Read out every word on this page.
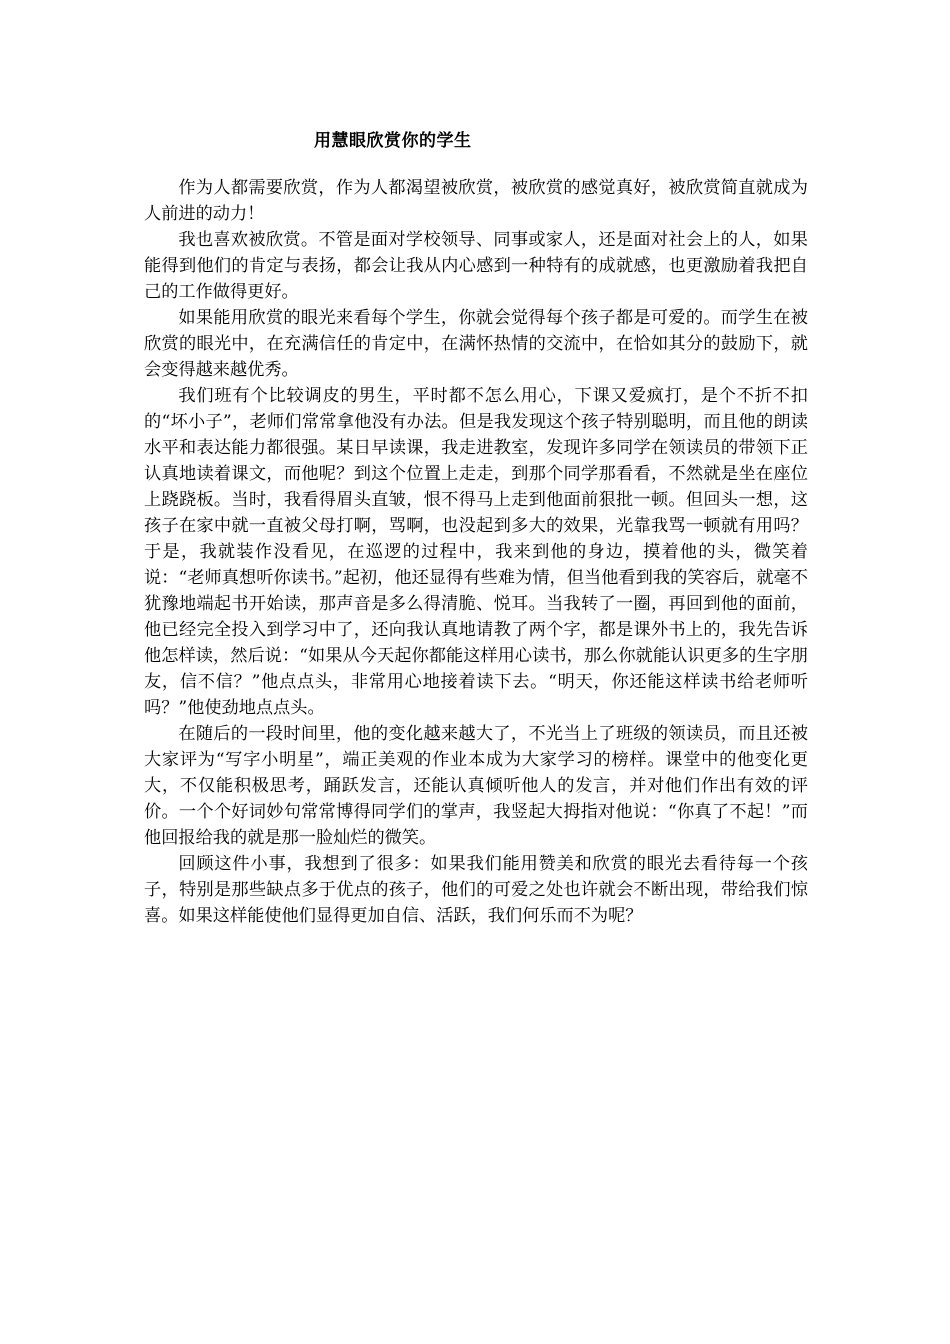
用慧眼欣赏你的学生

作为人都需要欣赏，作为人都渴望被欣赏，被欣赏的感觉真好，被欣赏简直就成为人前进的动力！

我也喜欢被欣赏。不管是面对学校领导、同事或家人，还是面对社会上的人，如果能得到他们的肯定与表扬，都会让我从内心感到一种特有的成就感，也更激励着我把自己的工作做得更好。

如果能用欣赏的眼光来看每个学生，你就会觉得每个孩子都是可爱的。而学生在被欣赏的眼光中，在充满信任的肯定中，在满怀热情的交流中，在恰如其分的鼓励下，就会变得越来越优秀。

我们班有个比较调皮的男生，平时都不怎么用心，下课又爱疯打，是个不折不扣的“坏小子”，老师们常常拿他没有办法。但是我发现这个孩子特别聪明，而且他的朗读水平和表达能力都很强。某日早读课，我走进教室，发现许多同学在领读员的带领下正认真地读着课文，而他呢？到这个位置上走走，到那个同学那看看，不然就是坐在座位上跷跷板。当时，我看得眉头直皱，恨不得马上走到他面前狠批一顿。但回头一想，这孩子在家中就一直被父母打啊，骂啊，也没起到多大的效果，光靠我骂一顿就有用吗？于是，我就装作没看见，在巡逻的过程中，我来到他的身边，摸着他的头，微笑着说：“老师真想听你读书。”起初，他还显得有些难为情，但当他看到我的笑容后，就毫不犹豫地端起书开始读，那声音是多么得清脆、悦耳。当我转了一圈，再回到他的面前，他已经完全投入到学习中了，还向我认真地请教了两个字，都是课外书上的，我先告诉他怎样读，然后说：“如果从今天起你都能这样用心读书，那么你就能认识更多的生字朋友，信不信？”他点点头，非常用心地接着读下去。“明天，你还能这样读书给老师听吗？”他使劲地点点头。

在随后的一段时间里，他的变化越来越大了，不光当上了班级的领读员，而且还被大家评为“写字小明星”，端正美观的作业本成为大家学习的榜样。课堂中的他变化更大，不仅能积极思考，踊跃发言，还能认真倾听他人的发言，并对他们作出有效的评价。一个个好词妙句常常博得同学们的掌声，我竖起大拇指对他说：“你真了不起！”而他回报给我的就是那一脸灿烂的微笑。

回顾这件小事，我想到了很多：如果我们能用赞美和欣赏的眼光去看待每一个孩子，特别是那些缺点多于优点的孩子，他们的可爱之处也许就会不断出现，带给我们惊喜。如果这样能使他们显得更加自信、活跃，我们何乐而不为呢？
